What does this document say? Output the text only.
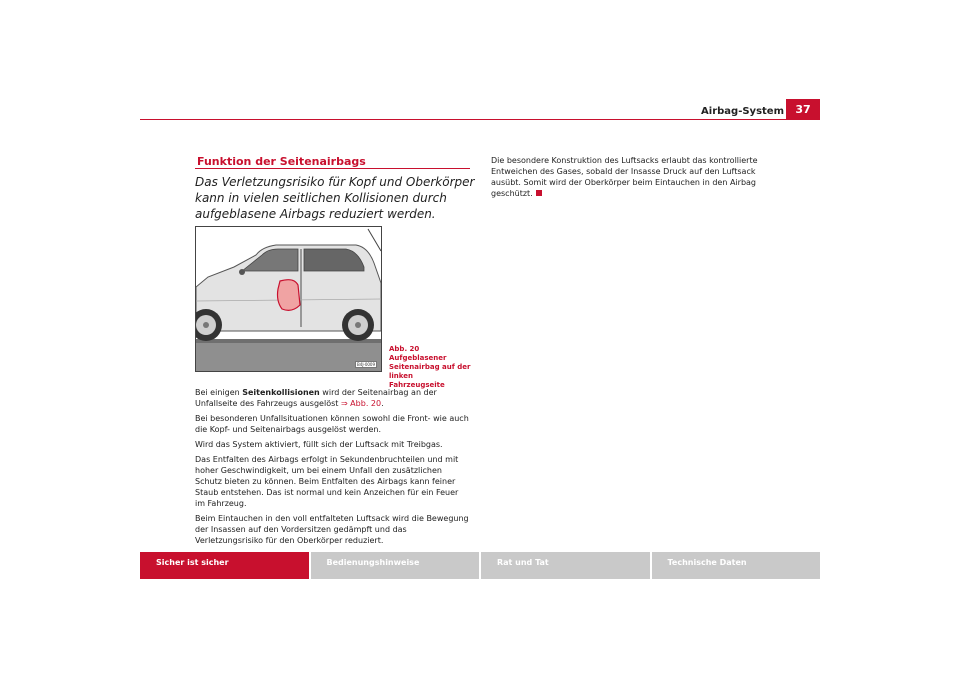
Airbag-System	37
Funktion der Seitenairbags
Das Verletzungsrisiko für Kopf und Oberkörper kann in vielen seitlichen Kollisionen durch aufgeblasene Airbags reduziert werden.
B4J-0009
Abb. 20 Aufgeblasener
Seitenairbag auf der
linken Fahrzeugseite

Bei einigen Seitenkollisionen wird der Seitenairbag an der Unfallseite des Fahrzeugs ausgelöst ⇒ Abb. 20.

Bei besonderen Unfallsituationen können sowohl die Front- wie auch die Kopf- und Seitenairbags ausgelöst werden.

Wird das System aktiviert, füllt sich der Luftsack mit Treibgas.

Das Entfalten des Airbags erfolgt in Sekundenbruchteilen und mit hoher Geschwindigkeit, um bei einem Unfall den zusätzlichen Schutz bieten zu können. Beim Entfalten des Airbags kann feiner Staub entstehen. Das ist normal und kein Anzeichen für ein Feuer im Fahrzeug.

Beim Eintauchen in den voll entfalteten Luftsack wird die Bewegung der Insassen auf den Vordersitzen gedämpft und das Verletzungsrisiko für den Oberkörper reduziert.

Die besondere Konstruktion des Luftsacks erlaubt das kontrollierte Entweichen des Gases, sobald der Insasse Druck auf den Luftsack ausübt. Somit wird der Oberkörper beim Eintauchen in den Airbag geschützt.

Sicher ist sicher	Bedienungshinweise	Rat und Tat	Technische Daten
